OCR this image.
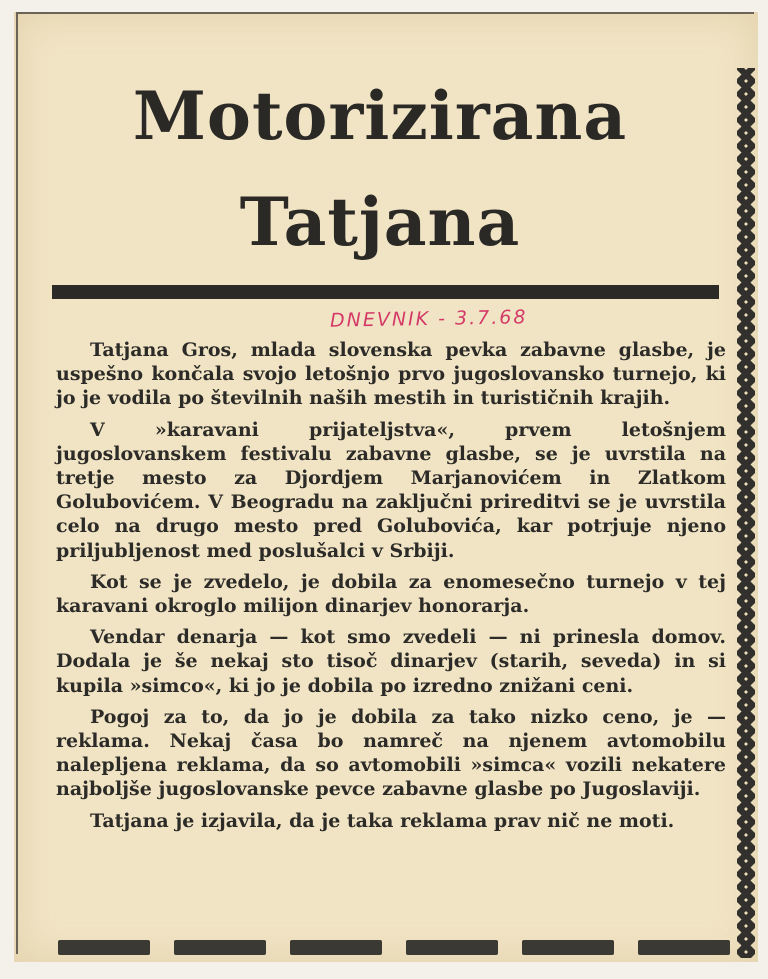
Motorizirana
Tatjana
DNEVNIK - 3.7.68

Tatjana Gros, mlada slovenska pevka zabavne glasbe, je uspešno končala svojo letošnjo prvo jugoslovansko turnejo, ki jo je vodila po številnih naših mestih in turističnih krajih.

V »karavani prijateljstva«, prvem letošnjem jugoslovanskem festivalu zabavne glasbe, se je uvrstila na tretje mesto za Djordjem Marjanovićem in Zlatkom Golubovićem. V Beogradu na zaključni prireditvi se je uvrstila celo na drugo mesto pred Golubovića, kar potrjuje njeno priljubljenost med poslušalci v Srbiji.

Kot se je zvedelo, je dobila za enomesečno turnejo v tej karavani okroglo milijon dinarjev honorarja.

Vendar denarja — kot smo zvedeli — ni prinesla domov. Dodala je še nekaj sto tisoč dinarjev (starih, seveda) in si kupila »simco«, ki jo je dobila po izredno znižani ceni.

Pogoj za to, da jo je dobila za tako nizko ceno, je — reklama. Nekaj časa bo namreč na njenem avtomobilu nalepljena reklama, da so avtomobili »simca« vozili nekatere najboljše jugoslovanske pevce zabavne glasbe po Jugoslaviji.

Tatjana je izjavila, da je taka reklama prav nič ne moti.
